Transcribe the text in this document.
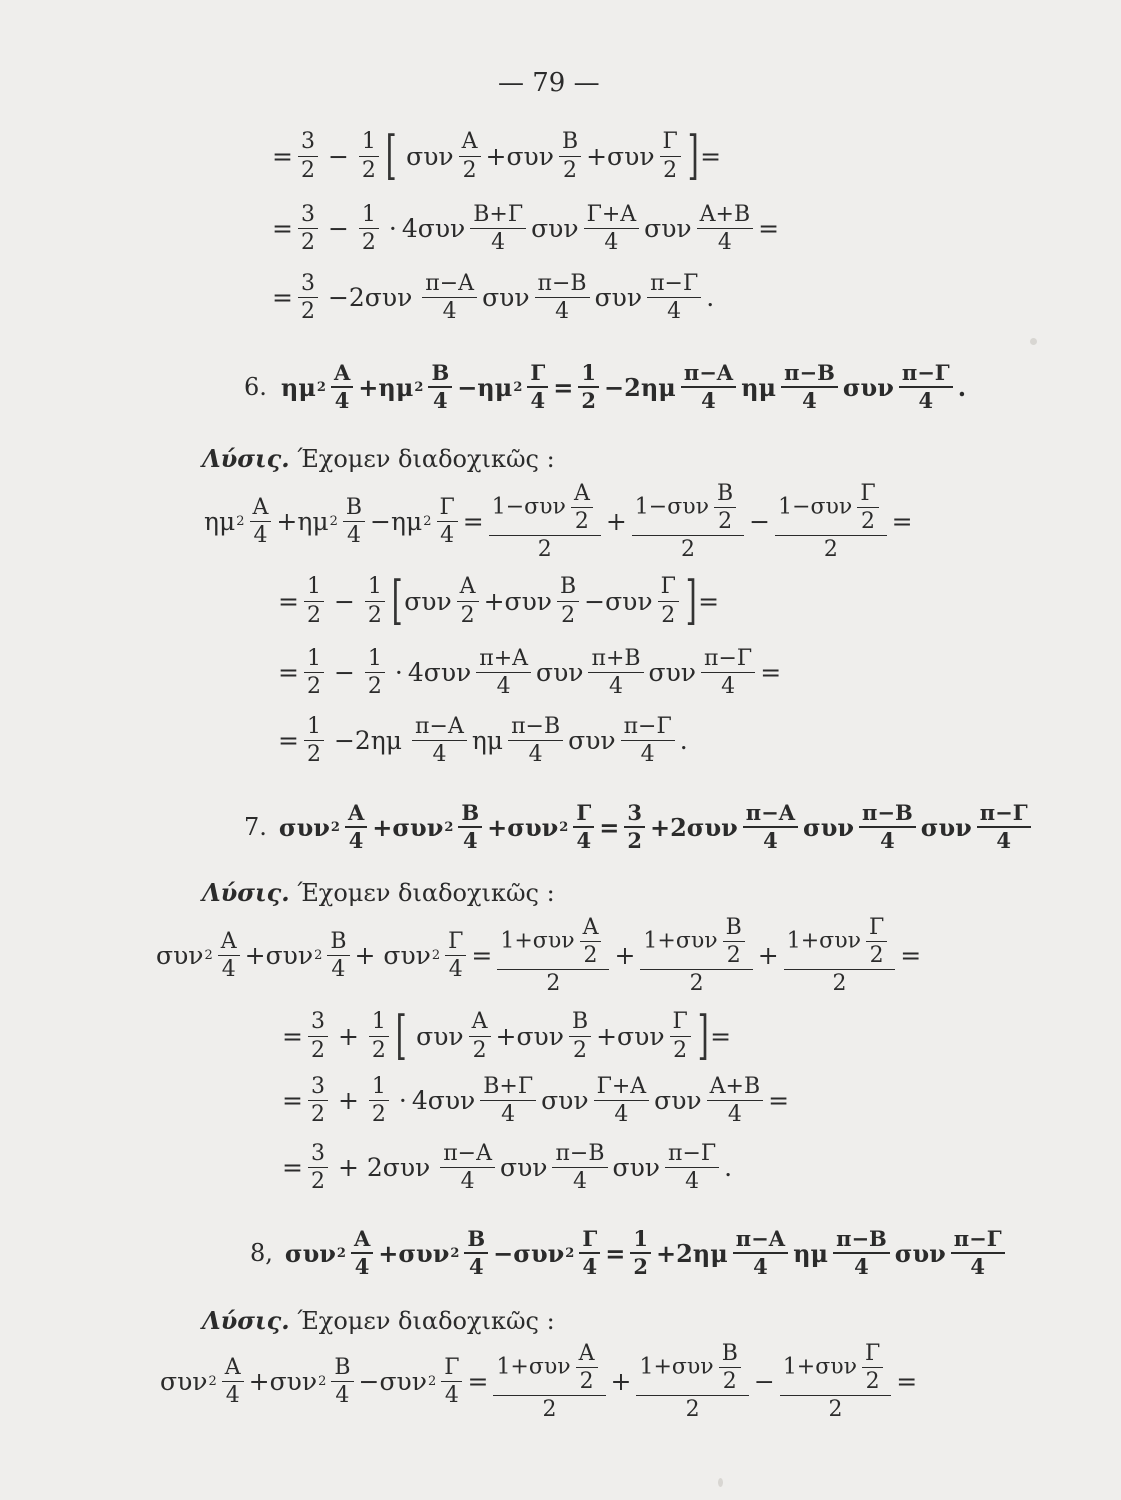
— 79 —
= $\frac{3}{2} - \frac{1}{2}$ [ συν $\frac{A}{2} +\sigma\upsilon\nu \frac{B}{2} +\sigma\upsilon\nu \frac{\Gamma}{2}$ ] =
= $\frac{3}{2} - \frac{1}{2} \cdot 4\sigma\upsilon\nu \frac{B+\Gamma}{4}$ συν $\frac{\Gamma+A}{4}$ συν $\frac{A+B}{4}$ =
= $\frac{3}{2} -2\sigma\upsilon\nu \frac{\pi-A}{4}$ συν $\frac{\pi-B}{4}$ συν $\frac{\pi-\Gamma}{4}$ .
6. ημ $2 \frac{A}{4} +\eta\mu$ $2 \frac{B}{4} -\eta\mu$ $2 \frac{\Gamma}{4} = \frac{1}{2} -2\eta\mu \frac{\pi-A}{4}$ ημ $\frac{\pi-B}{4}$ συν $\frac{\pi-\Gamma}{4}$ .
Λύσις. Έχομεν διαδοχικῶς :
ημ $2 \frac{A}{4} +\eta\mu$ $2 \frac{B}{4} -\eta\mu$ $2 \frac{\Gamma}{4} = \frac{1-\sigma\upsilon\nu \frac{A}{2}}{2} + \frac{1-\sigma\upsilon\nu \frac{B}{2}}{2} - \frac{1-\sigma\upsilon\nu \frac{\Gamma}{2}}{2}$ =
= $\frac{1}{2} - \frac{1}{2}$ [ συν $\frac{A}{2} +\sigma\upsilon\nu \frac{B}{2} -\sigma\upsilon\nu \frac{\Gamma}{2}$ ] =
= $\frac{1}{2} - \frac{1}{2} \cdot 4\sigma\upsilon\nu \frac{\pi+A}{4}$ συν $\frac{\pi+B}{4}$ συν $\frac{\pi-\Gamma}{4}$ =
= $\frac{1}{2} -2\eta\mu \frac{\pi-A}{4}$ ημ $\frac{\pi-B}{4}$ συν $\frac{\pi-\Gamma}{4}$ .
7. συν $2 \frac{A}{4} +\sigma\upsilon\nu$ $2 \frac{B}{4} +\sigma\upsilon\nu$ $2 \frac{\Gamma}{4} = \frac{3}{2} +2\sigma\upsilon\nu \frac{\pi-A}{4}$ συν $\frac{\pi-B}{4}$ συν $\frac{\pi-\Gamma}{4}$
Λύσις. Έχομεν διαδοχικῶς :
συν $2 \frac{A}{4} +\sigma\upsilon\nu$ $2 \frac{B}{4} + \sigma\upsilon\nu$ $2 \frac{\Gamma}{4} = \frac{1+\sigma\upsilon\nu \frac{A}{2}}{2} + \frac{1+\sigma\upsilon\nu \frac{B}{2}}{2} + \frac{1+\sigma\upsilon\nu \frac{\Gamma}{2}}{2}$ =
= $\frac{3}{2} + \frac{1}{2}$ [ συν $\frac{A}{2} +\sigma\upsilon\nu \frac{B}{2} +\sigma\upsilon\nu \frac{\Gamma}{2}$ ] =
= $\frac{3}{2} + \frac{1}{2} \cdot 4\sigma\upsilon\nu \frac{B+\Gamma}{4}$ συν $\frac{\Gamma+A}{4}$ συν $\frac{A+B}{4}$ =
= $\frac{3}{2} + 2\sigma\upsilon\nu \frac{\pi-A}{4}$ συν $\frac{\pi-B}{4}$ συν $\frac{\pi-\Gamma}{4}$ .
8, συν $2 \frac{A}{4} +\sigma\upsilon\nu$ $2 \frac{B}{4} -\sigma\upsilon\nu$ $2 \frac{\Gamma}{4} = \frac{1}{2} +2\eta\mu \frac{\pi-A}{4}$ ημ $\frac{\pi-B}{4}$ συν $\frac{\pi-\Gamma}{4}$
Λύσις. Έχομεν διαδοχικῶς :
συν $2 \frac{A}{4} +\sigma\upsilon\nu$ $2 \frac{B}{4} -\sigma\upsilon\nu$ $2 \frac{\Gamma}{4} = \frac{1+\sigma\upsilon\nu \frac{A}{2}}{2} + \frac{1+\sigma\upsilon\nu \frac{B}{2}}{2} - \frac{1+\sigma\upsilon\nu \frac{\Gamma}{2}}{2}$ =
